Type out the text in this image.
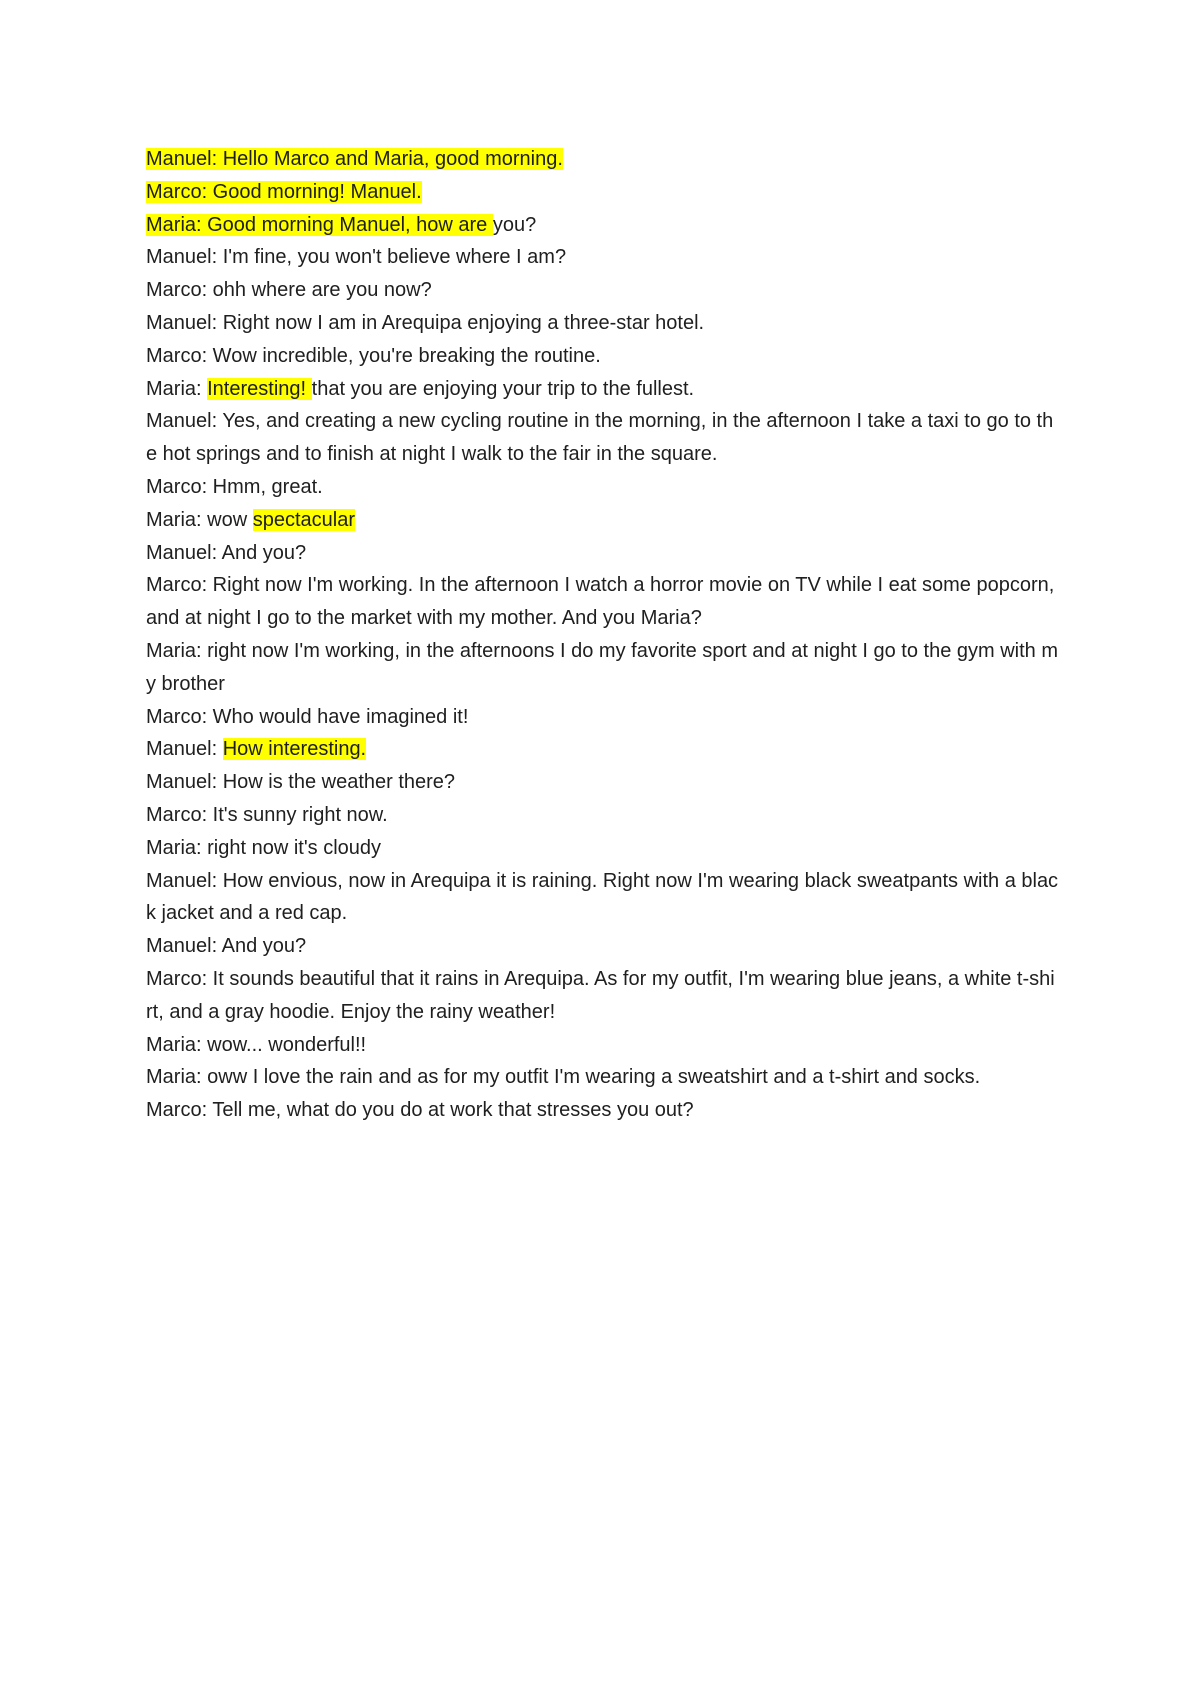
Manuel: Hello Marco and Maria, good morning.
Marco: Good morning! Manuel.
Maria: Good morning Manuel, how are you?
Manuel: I'm fine, you won't believe where I am?
Marco: ohh where are you now?
Manuel: Right now I am in Arequipa enjoying a three-star hotel.
Marco: Wow incredible, you're breaking the routine.
Maria: Interesting! that you are enjoying your trip to the fullest.
Manuel: Yes, and creating a new cycling routine in the morning, in the afternoon I take a taxi to go to the hot springs and to finish at night I walk to the fair in the square.
Marco: Hmm, great.
Maria: wow spectacular
Manuel: And you?
Marco: Right now I'm working. In the afternoon I watch a horror movie on TV while I eat some popcorn, and at night I go to the market with my mother. And you Maria?
Maria: right now I'm working, in the afternoons I do my favorite sport and at night I go to the gym with my brother
Marco: Who would have imagined it!
Manuel: How interesting.
Manuel: How is the weather there?
Marco: It's sunny right now.
Maria: right now it's cloudy
Manuel: How envious, now in Arequipa it is raining. Right now I'm wearing black sweatpants with a black jacket and a red cap.
Manuel: And you?
Marco: It sounds beautiful that it rains in Arequipa. As for my outfit, I'm wearing blue jeans, a white t-shirt, and a gray hoodie. Enjoy the rainy weather!
Maria: wow... wonderful!!
Maria: oww I love the rain and as for my outfit I'm wearing a sweatshirt and a t-shirt and socks.
Marco: Tell me, what do you do at work that stresses you out?
